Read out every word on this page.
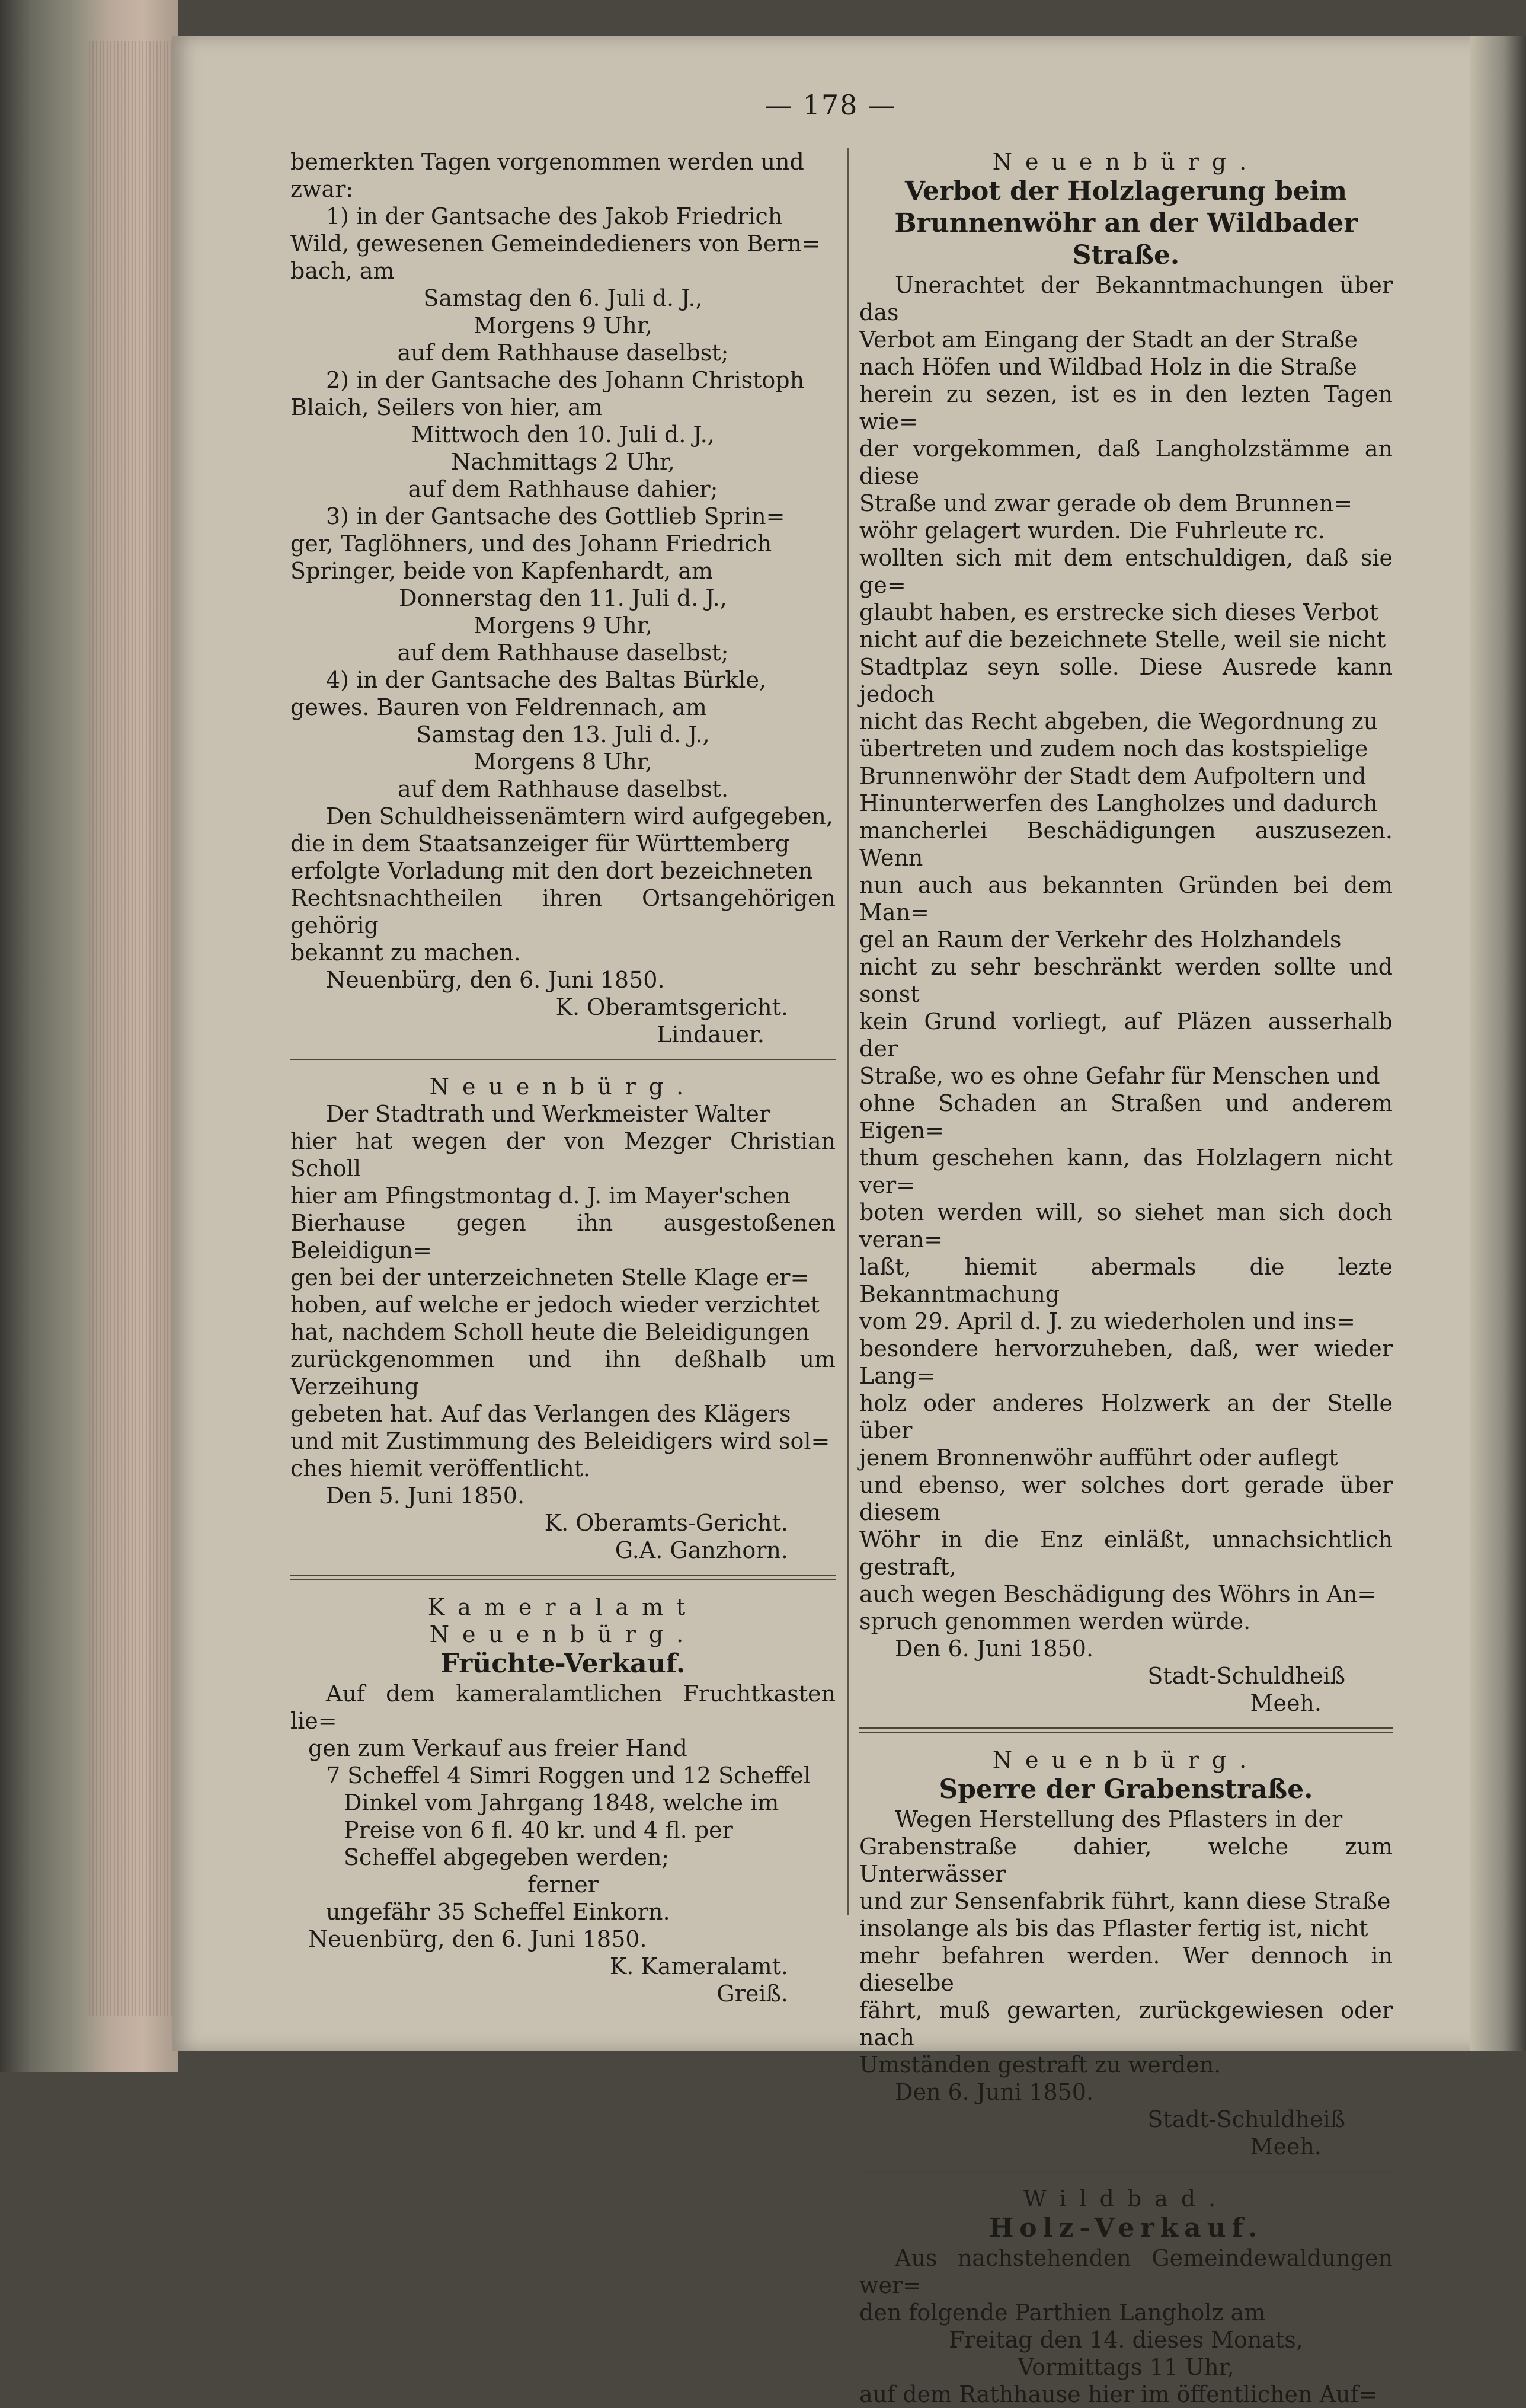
— 178 —

bemerkten Tagen vorgenommen werden und

zwar:

1) in der Gantsache des Jakob Friedrich

Wild, gewesenen Gemeindedieners von Bern=

bach, am

Samstag den 6. Juli d. J.,

Morgens 9 Uhr,

auf dem Rathhause daselbst;

2) in der Gantsache des Johann Christoph

Blaich, Seilers von hier, am

Mittwoch den 10. Juli d. J.,

Nachmittags 2 Uhr,

auf dem Rathhause dahier;

3) in der Gantsache des Gottlieb Sprin=

ger, Taglöhners, und des Johann Friedrich

Springer, beide von Kapfenhardt, am

Donnerstag den 11. Juli d. J.,

Morgens 9 Uhr,

auf dem Rathhause daselbst;

4) in der Gantsache des Baltas Bürkle,

gewes. Bauren von Feldrennach, am

Samstag den 13. Juli d. J.,

Morgens 8 Uhr,

auf dem Rathhause daselbst.

Den Schuldheissenämtern wird aufgegeben,

die in dem Staatsanzeiger für Württemberg

erfolgte Vorladung mit den dort bezeichneten

Rechtsnachtheilen ihren Ortsangehörigen gehörig

bekannt zu machen.

Neuenbürg, den 6. Juni 1850.

K. Oberamtsgericht.

Lindauer.

Neuenbürg.

Der Stadtrath und Werkmeister Walter

hier hat wegen der von Mezger Christian Scholl

hier am Pfingstmontag d. J. im Mayer'schen

Bierhause gegen ihn ausgestoßenen Beleidigun=

gen bei der unterzeichneten Stelle Klage er=

hoben, auf welche er jedoch wieder verzichtet

hat, nachdem Scholl heute die Beleidigungen

zurückgenommen und ihn deßhalb um Verzeihung

gebeten hat. Auf das Verlangen des Klägers

und mit Zustimmung des Beleidigers wird sol=

ches hiemit veröffentlicht.

Den 5. Juni 1850.

K. Oberamts-Gericht.

G.A. Ganzhorn.

Kameralamt Neuenbürg.

Früchte-Verkauf.

Auf dem kameralamtlichen Fruchtkasten lie=

gen zum Verkauf aus freier Hand

7 Scheffel 4 Simri Roggen und 12 Scheffel

Dinkel vom Jahrgang 1848, welche im

Preise von 6 fl. 40 kr. und 4 fl. per

Scheffel abgegeben werden;

ferner

ungefähr 35 Scheffel Einkorn.

Neuenbürg, den 6. Juni 1850.

K. Kameralamt.

Greiß.

Neuenbürg.

Verbot der Holzlagerung beim

Brunnenwöhr an der Wildbader

Straße.

Unerachtet der Bekanntmachungen über das

Verbot am Eingang der Stadt an der Straße

nach Höfen und Wildbad Holz in die Straße

herein zu sezen, ist es in den lezten Tagen wie=

der vorgekommen, daß Langholzstämme an diese

Straße und zwar gerade ob dem Brunnen=

wöhr gelagert wurden. Die Fuhrleute rc.

wollten sich mit dem entschuldigen, daß sie ge=

glaubt haben, es erstrecke sich dieses Verbot

nicht auf die bezeichnete Stelle, weil sie nicht

Stadtplaz seyn solle. Diese Ausrede kann jedoch

nicht das Recht abgeben, die Wegordnung zu

übertreten und zudem noch das kostspielige

Brunnenwöhr der Stadt dem Aufpoltern und

Hinunterwerfen des Langholzes und dadurch

mancherlei Beschädigungen auszusezen. Wenn

nun auch aus bekannten Gründen bei dem Man=

gel an Raum der Verkehr des Holzhandels

nicht zu sehr beschränkt werden sollte und sonst

kein Grund vorliegt, auf Pläzen ausserhalb der

Straße, wo es ohne Gefahr für Menschen und

ohne Schaden an Straßen und anderem Eigen=

thum geschehen kann, das Holzlagern nicht ver=

boten werden will, so siehet man sich doch veran=

laßt, hiemit abermals die lezte Bekanntmachung

vom 29. April d. J. zu wiederholen und ins=

besondere hervorzuheben, daß, wer wieder Lang=

holz oder anderes Holzwerk an der Stelle über

jenem Bronnenwöhr aufführt oder auflegt

und ebenso, wer solches dort gerade über diesem

Wöhr in die Enz einläßt, unnachsichtlich gestraft,

auch wegen Beschädigung des Wöhrs in An=

spruch genommen werden würde.

Den 6. Juni 1850.

Stadt-Schuldheiß

Meeh.

Neuenbürg.

Sperre der Grabenstraße.

Wegen Herstellung des Pflasters in der

Grabenstraße dahier, welche zum Unterwässer

und zur Sensenfabrik führt, kann diese Straße

insolange als bis das Pflaster fertig ist, nicht

mehr befahren werden. Wer dennoch in dieselbe

fährt, muß gewarten, zurückgewiesen oder nach

Umständen gestraft zu werden.

Den 6. Juni 1850.

Stadt-Schuldheiß

Meeh.

Wildbad.

Holz-Verkauf.

Aus nachstehenden Gemeindewaldungen wer=

den folgende Parthien Langholz am

Freitag den 14. dieses Monats,

Vormittags 11 Uhr,

auf dem Rathhause hier im öffentlichen Auf=
